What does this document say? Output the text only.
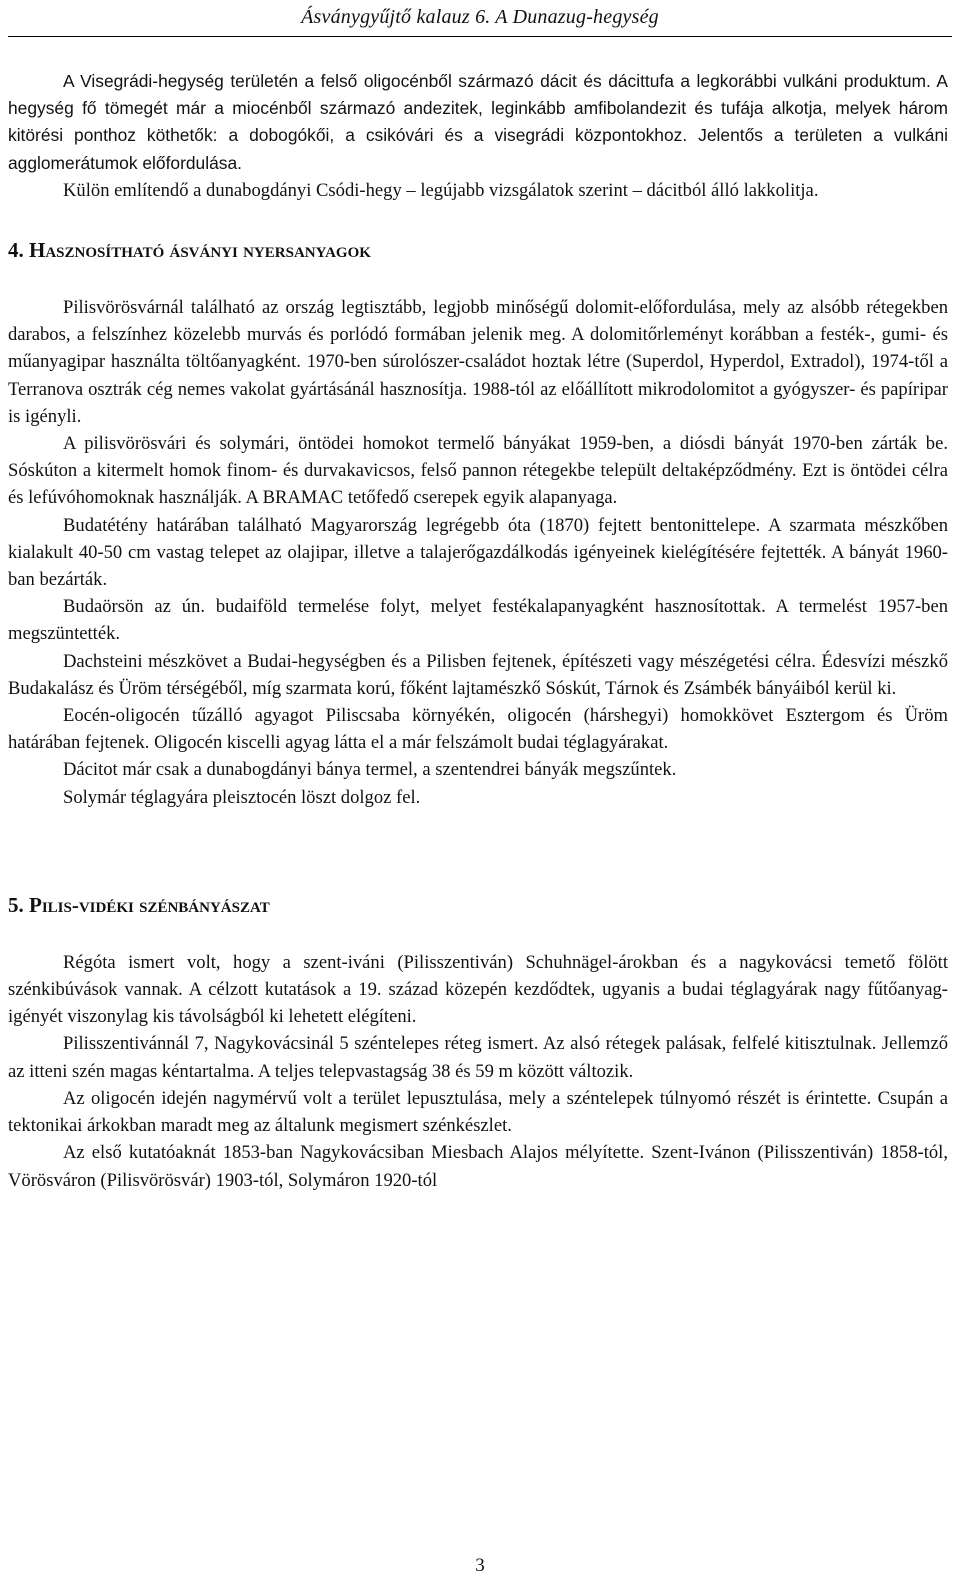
Ásványgyűjtő kalauz 6. A Dunazug-hegység

A Visegrádi-hegység területén a felső oligocénből származó dácit és dácittufa a legkorábbi vulkáni produktum. A hegység fő tömegét már a miocénből származó andezitek, leginkább amfibolandezit és tufája alkotja, melyek három kitörési ponthoz köthetők: a dobogókői, a csikóvári és a visegrádi központokhoz. Jelentős a területen a vulkáni agglomerátumok előfordulása.

Külön említendő a dunabogdányi Csódi-hegy – legújabb vizsgálatok szerint – dácitból álló lakkolitja.

4. Hasznosítható ásványi nyersanyagok

Pilisvörösvárnál található az ország legtisztább, legjobb minőségű dolomit-előfordulása, mely az alsóbb rétegekben darabos, a felszínhez közelebb murvás és porlódó formában jelenik meg. A dolomitőrleményt korábban a festék-, gumi- és műanyagipar használta töltőanyagként. 1970-ben súrolószer-családot hoztak létre (Superdol, Hyperdol, Extradol), 1974-től a Terranova osztrák cég nemes vakolat gyártásánál hasznosítja. 1988-tól az előállított mikrodolomitot a gyógyszer- és papíripar is igényli.

A pilisvörösvári és solymári, öntödei homokot termelő bányákat 1959-ben, a diósdi bányát 1970-ben zárták be. Sóskúton a kitermelt homok finom- és durvakavicsos, felső pannon rétegekbe települt deltaképződmény. Ezt is öntödei célra és lefúvóhomoknak használják. A BRAMAC tetőfedő cserepek egyik alapanyaga.

Budatétény határában található Magyarország legrégebb óta (1870) fejtett bentonittelepe. A szarmata mészkőben kialakult 40-50 cm vastag telepet az olajipar, illetve a talajerőgazdálkodás igényeinek kielégítésére fejtették. A bányát 1960-ban bezárták.

Budaörsön az ún. budaiföld termelése folyt, melyet festékalapanyagként hasznosítottak. A termelést 1957-ben megszüntették.

Dachsteini mészkövet a Budai-hegységben és a Pilisben fejtenek, építészeti vagy mészégetési célra. Édesvízi mészkő Budakalász és Üröm térségéből, míg szarmata korú, főként lajtamészkő Sóskút, Tárnok és Zsámbék bányáiból kerül ki.

Eocén-oligocén tűzálló agyagot Piliscsaba környékén, oligocén (hárshegyi) homokkövet Esztergom és Üröm határában fejtenek. Oligocén kiscelli agyag látta el a már felszámolt budai téglagyárakat.

Dácitot már csak a dunabogdányi bánya termel, a szentendrei bányák megszűntek.

Solymár téglagyára pleisztocén löszt dolgoz fel.

5. Pilis-vidéki szénbányászat

Régóta ismert volt, hogy a szent-iváni (Pilisszentiván) Schuhnägel-árokban és a nagykovácsi temető fölött szénkibúvások vannak. A célzott kutatások a 19. század közepén kezdődtek, ugyanis a budai téglagyárak nagy fűtőanyag-igényét viszonylag kis távolságból ki lehetett elégíteni.

Pilisszentivánnál 7, Nagykovácsinál 5 széntelepes réteg ismert. Az alsó rétegek palásak, felfelé kitisztulnak. Jellemző az itteni szén magas kéntartalma. A teljes telepvastagság 38 és 59 m között változik.

Az oligocén idején nagymérvű volt a terület lepusztulása, mely a széntelepek túlnyomó részét is érintette. Csupán a tektonikai árkokban maradt meg az általunk megismert szénkészlet.

Az első kutatóaknát 1853-ban Nagykovácsiban Miesbach Alajos mélyítette. Szent-Ivánon (Pilisszentiván) 1858-tól, Vörösváron (Pilisvörösvár) 1903-tól, Solymáron 1920-tól

3
